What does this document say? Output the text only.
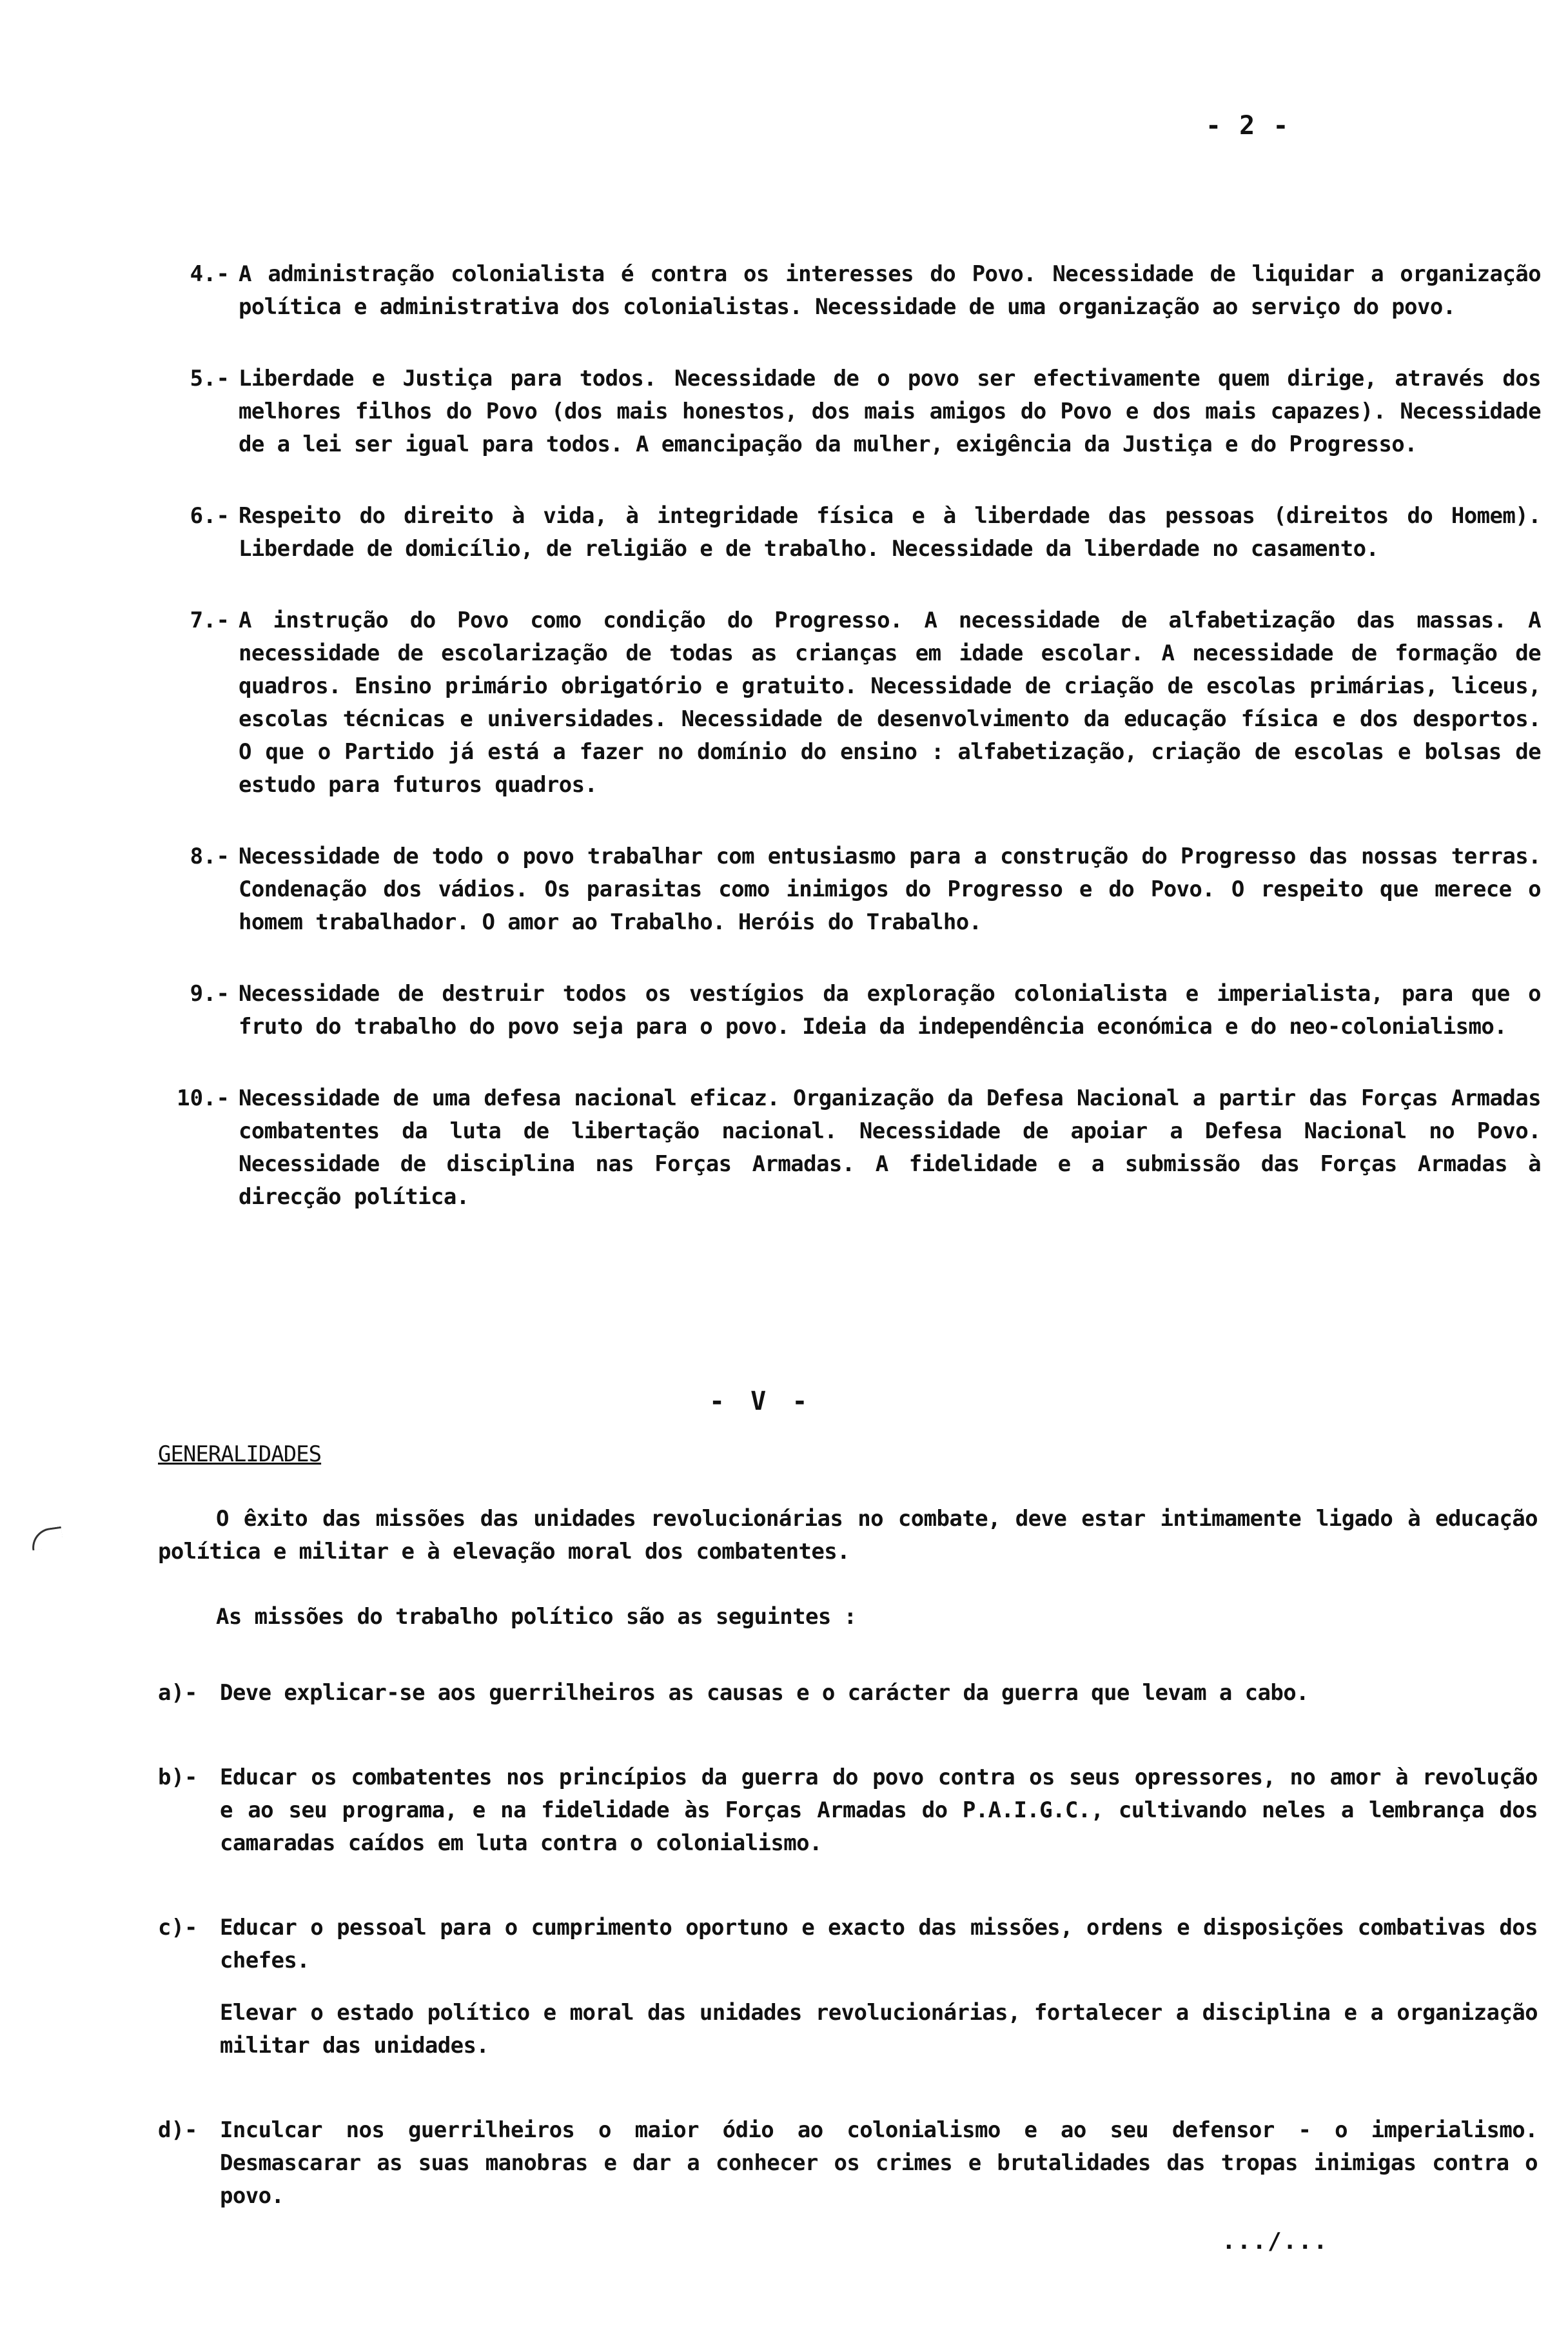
- 2 -
4.- A administração colonialista é contra os interesses do Povo. Necessidade de liquidar a organização política e administrativa dos colonialistas. Necessidade de uma organização ao serviço do povo.
5.- Liberdade e Justiça para todos. Necessidade de o povo ser efectivamente quem dirige, através dos melhores filhos do Povo (dos mais honestos, dos mais amigos do Povo e dos mais capazes). Necessidade de a lei ser igual para todos. A emancipação da mulher, exigência da Justiça e do Progresso.
6.- Respeito do direito à vida, à integridade física e à liberdade das pessoas (direitos do Homem). Liberdade de domicílio, de religião e de trabalho. Necessidade da liberdade no casamento.
7.- A instrução do Povo como condição do Progresso. A necessidade de alfabetização das massas. A necessidade de escolarização de todas as crianças em idade escolar. A necessidade de formação de quadros. Ensino primário obrigatório e gratuito. Necessidade de criação de escolas primárias, liceus, escolas técnicas e universidades. Necessidade de desenvolvimento da educação física e dos desportos. O que o Partido já está a fazer no domínio do ensino : alfabetização, criação de escolas e bolsas de estudo para futuros quadros.
8.- Necessidade de todo o povo trabalhar com entusiasmo para a construção do Progresso das nossas terras. Condenação dos vádios. Os parasitas como inimigos do Progresso e do Povo. O respeito que merece o homem trabalhador. O amor ao Trabalho. Heróis do Trabalho.
9.- Necessidade de destruir todos os vestígios da exploração colonialista e imperialista, para que o fruto do trabalho do povo seja para o povo. Ideia da independência económica e do neo-colonialismo.
10.- Necessidade de uma defesa nacional eficaz. Organização da Defesa Nacional a partir das Forças Armadas combatentes da luta de libertação nacional. Necessidade de apoiar a Defesa Nacional no Povo. Necessidade de disciplina nas Forças Armadas. A fidelidade e a submissão das Forças Armadas à direcção política.
- V -
GENERALIDADES

O êxito das missões das unidades revolucionárias no combate, deve estar intimamente ligado à educação política e militar e à elevação moral dos combatentes.

As missões do trabalho político são as seguintes :

a)-	Deve explicar-se aos guerrilheiros as causas e o carácter da guerra que levam a cabo.

b)-	Educar os combatentes nos princípios da guerra do povo contra os seus opressores, no amor à revolução e ao seu programa, e na fidelidade às Forças Armadas do P.A.I.G.C., cultivando neles a lembrança dos camaradas caídos em luta contra o colonialismo.

c)-	Educar o pessoal para o cumprimento oportuno e exacto das missões, ordens e disposições combativas dos chefes.

Elevar o estado político e moral das unidades revolucionárias, fortalecer a disciplina e a organização militar das unidades.

d)-	Inculcar nos guerrilheiros o maior ódio ao colonialismo e ao seu defensor - o imperialismo. Desmascarar as suas manobras e dar a conhecer os crimes e brutalidades das tropas inimigas contra o povo.

.../...
